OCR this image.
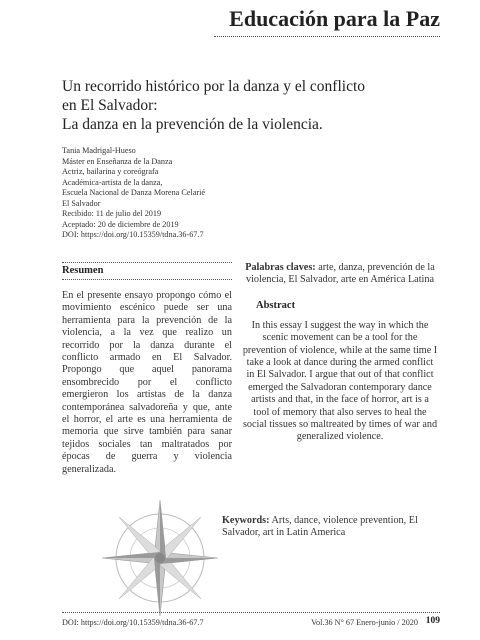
Educación para la Paz
Un recorrido histórico por la danza y el conflicto
en El Salvador:
La danza en la prevención de la violencia.
Tania Madrigal-Hueso
Máster en Enseñanza de la Danza
Actriz, bailarina y coreógrafa
Académica-artista de la danza,
Escuela Nacional de Danza Morena Celarié
El Salvador
Recibido: 11 de julio del 2019
Aceptado: 20 de diciembre de 2019
DOI: https://doi.org/10.15359/tdna.36-67.7
Resumen
En el presente ensayo propongo cómo el movimiento escénico puede ser una herramienta para la prevención de la violencia, a la vez que realizo un recorrido por la danza durante el conflicto armado en El Salvador. Propongo que aquel panorama ensombrecido por el conflicto emergieron los artistas de la danza contemporánea salvadoreña y que, ante el horror, el arte es una herramienta de memoria que sirve también para sanar tejidos sociales tan maltratados por épocas de guerra y violencia generalizada.
Palabras claves: arte, danza, prevención de la violencia, El Salvador, arte en América Latina
Abstract
In this essay I suggest the way in which the scenic movement can be a tool for the prevention of violence, while at the same time I take a look at dance during the armed conflict in El Salvador. I argue that out of that conflict emerged the Salvadoran contemporary dance artists and that, in the face of horror, art is a tool of memory that also serves to heal the social tissues so maltreated by times of war and generalized violence.
Keywords: Arts, dance, violence prevention, El Salvador, art in Latin America
DOI: https://doi.org/10.15359/tdna.36-67.7	Vol.36 N° 67 Enero-junio / 2020 109
